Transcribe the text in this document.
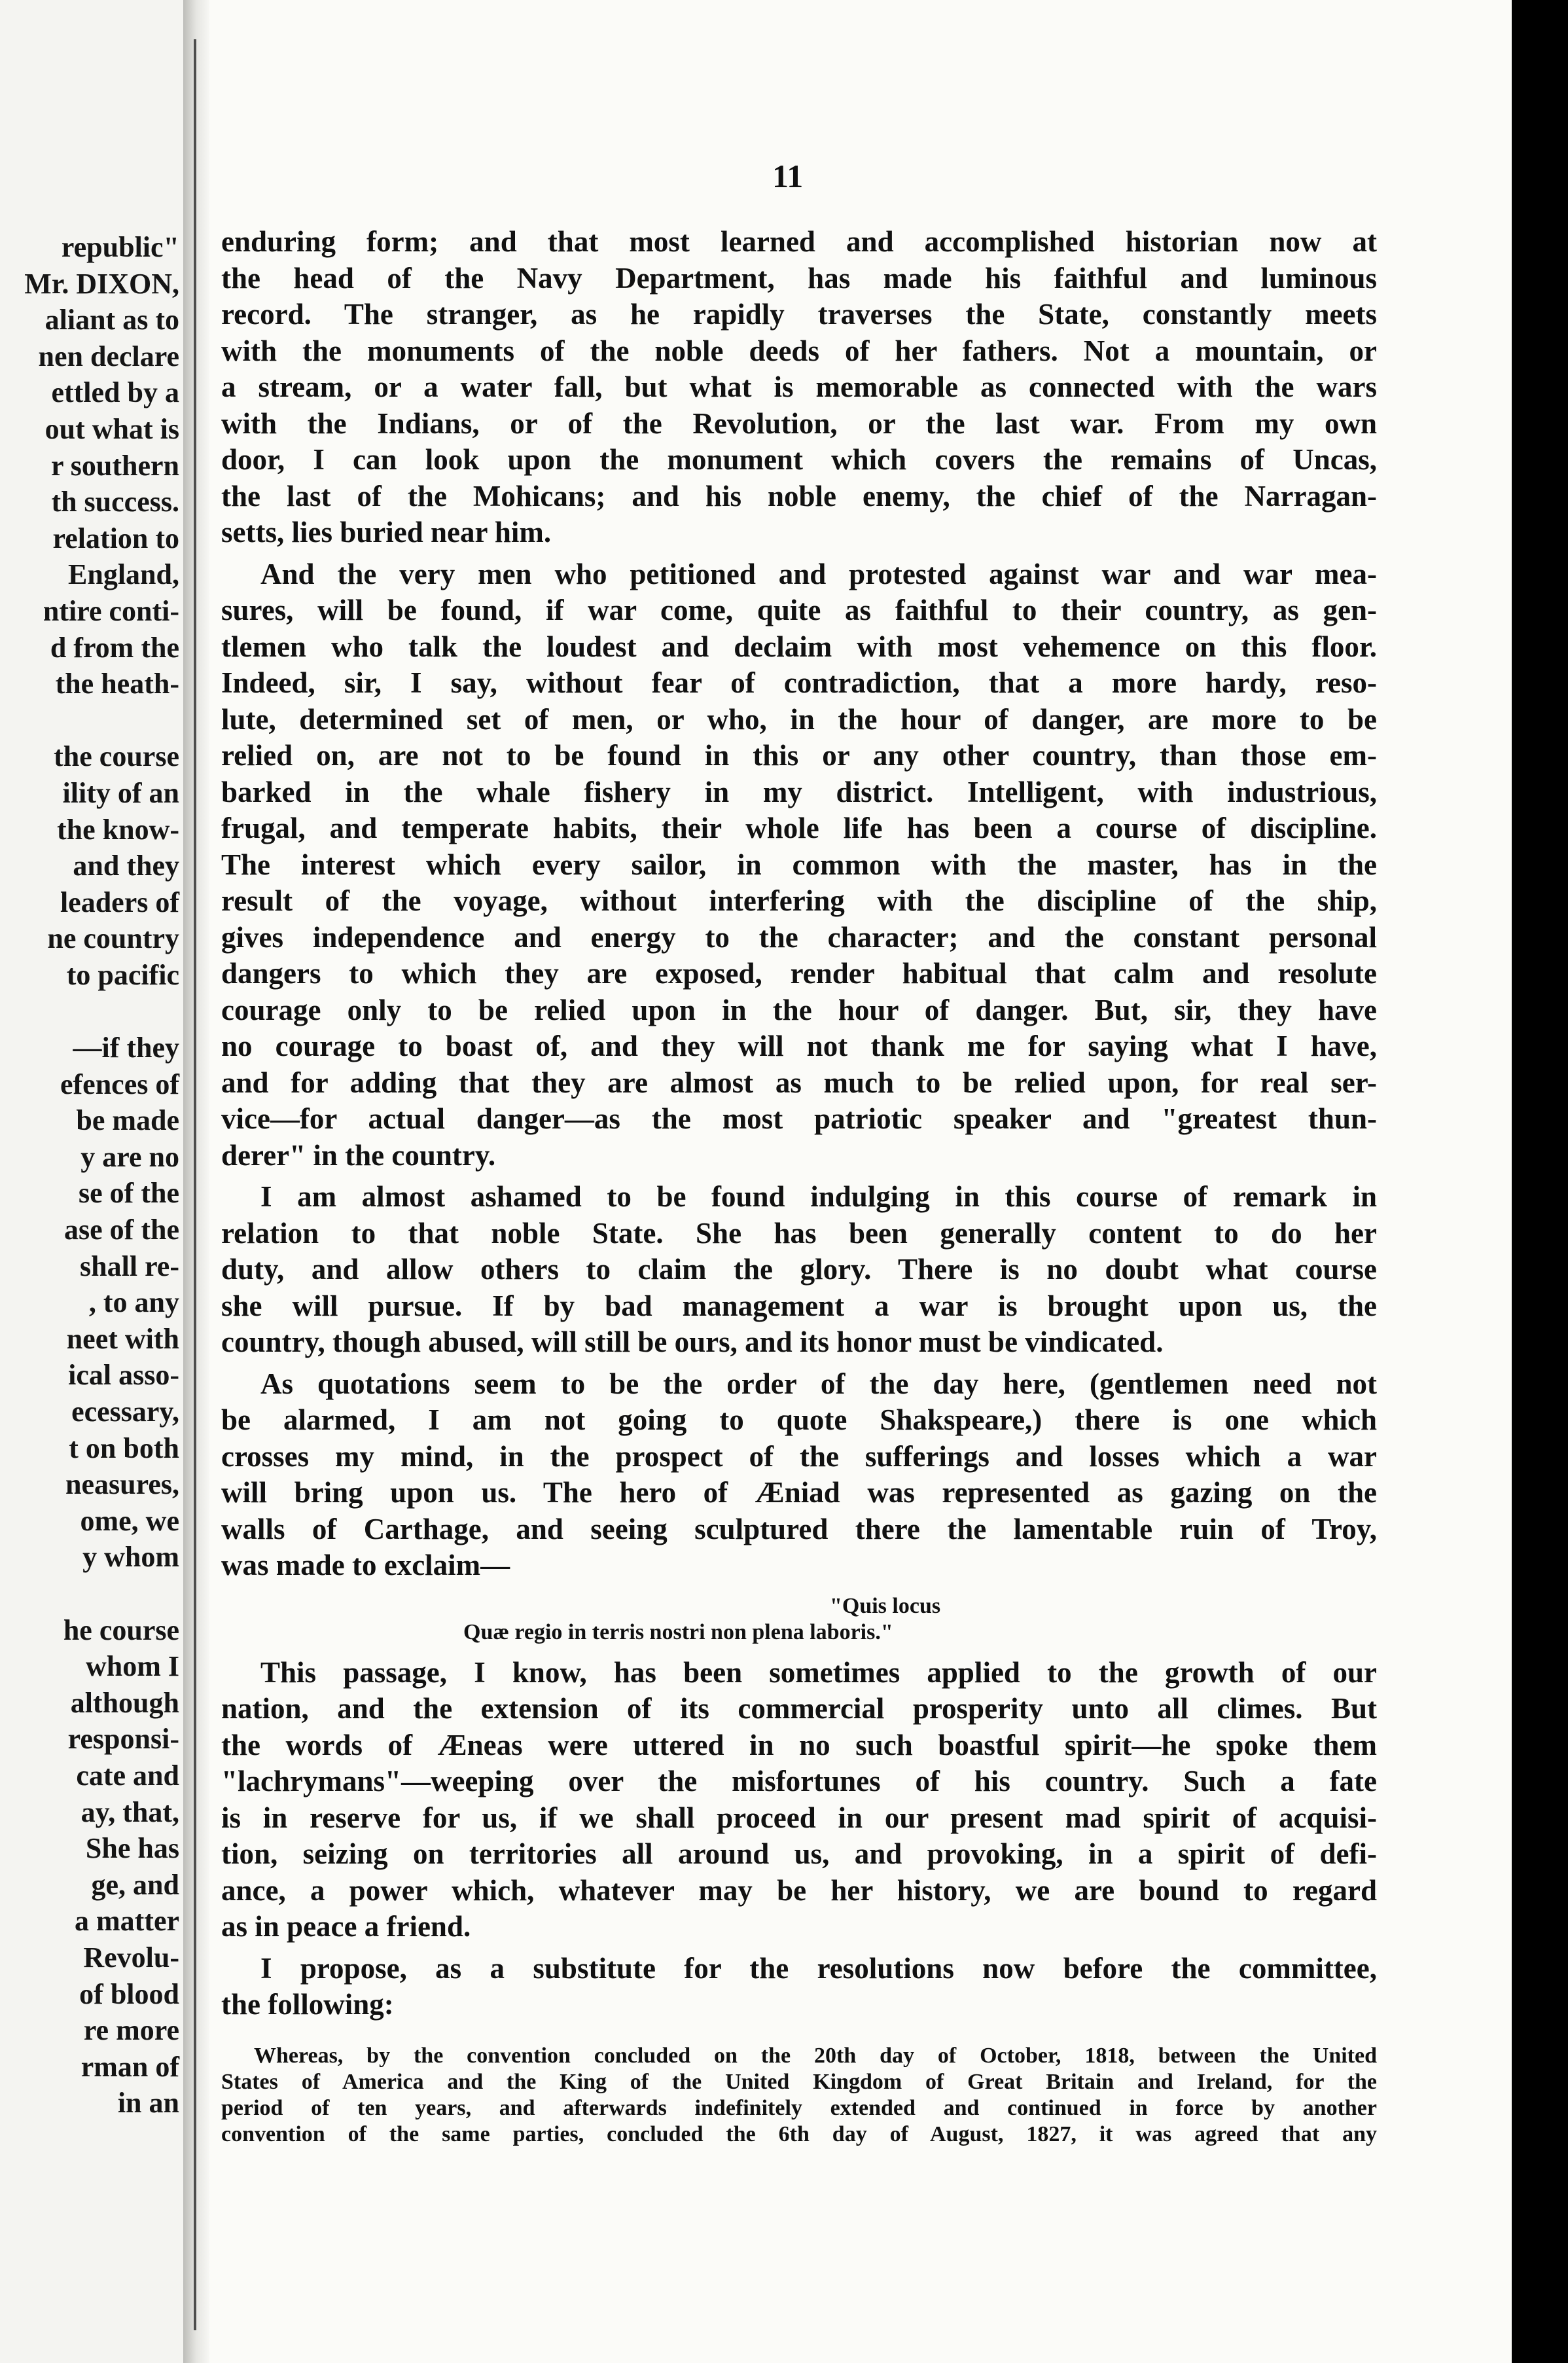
republic"
Mr. DIXON,
aliant as to
nen declare
ettled by a
out what is
r southern
th success.
relation to
England,
ntire conti-
d from the
the heath-
the course
ility of an
the know-
and they
leaders of
ne country
to pacific
—if they
efences of
be made
y are no
se of the
ase of the
shall re-
, to any
neet with
ical asso-
ecessary,
t on both
neasures,
ome, we
y whom
he course
whom I
although
responsi-
cate and
ay, that,
She has
ge, and
a matter
Revolu-
of blood
re more
rman of
in an
11

enduring form; and that most learned and accomplished historian now at

the head of the Navy Department, has made his faithful and luminous

record. The stranger, as he rapidly traverses the State, constantly meets

with the monuments of the noble deeds of her fathers. Not a mountain, or

a stream, or a water fall, but what is memorable as connected with the wars

with the Indians, or of the Revolution, or the last war. From my own

door, I can look upon the monument which covers the remains of Uncas,

the last of the Mohicans; and his noble enemy, the chief of the Narragan-

setts, lies buried near him.

And the very men who petitioned and protested against war and war mea-

sures, will be found, if war come, quite as faithful to their country, as gen-

tlemen who talk the loudest and declaim with most vehemence on this floor.

Indeed, sir, I say, without fear of contradiction, that a more hardy, reso-

lute, determined set of men, or who, in the hour of danger, are more to be

relied on, are not to be found in this or any other country, than those em-

barked in the whale fishery in my district. Intelligent, with industrious,

frugal, and temperate habits, their whole life has been a course of discipline.

The interest which every sailor, in common with the master, has in the

result of the voyage, without interfering with the discipline of the ship,

gives independence and energy to the character; and the constant personal

dangers to which they are exposed, render habitual that calm and resolute

courage only to be relied upon in the hour of danger. But, sir, they have

no courage to boast of, and they will not thank me for saying what I have,

and for adding that they are almost as much to be relied upon, for real ser-

vice—for actual danger—as the most patriotic speaker and "greatest thun-

derer" in the country.

I am almost ashamed to be found indulging in this course of remark in

relation to that noble State. She has been generally content to do her

duty, and allow others to claim the glory. There is no doubt what course

she will pursue. If by bad management a war is brought upon us, the

country, though abused, will still be ours, and its honor must be vindicated.

As quotations seem to be the order of the day here, (gentlemen need not

be alarmed, I am not going to quote Shakspeare,) there is one which

crosses my mind, in the prospect of the sufferings and losses which a war

will bring upon us. The hero of Æniad was represented as gazing on the

walls of Carthage, and seeing sculptured there the lamentable ruin of Troy,

was made to exclaim—

"Quis locus
Quæ regio in terris nostri non plena laboris."

This passage, I know, has been sometimes applied to the growth of our

nation, and the extension of its commercial prosperity unto all climes. But

the words of Æneas were uttered in no such boastful spirit—he spoke them

"lachrymans"—weeping over the misfortunes of his country. Such a fate

is in reserve for us, if we shall proceed in our present mad spirit of acquisi-

tion, seizing on territories all around us, and provoking, in a spirit of defi-

ance, a power which, whatever may be her history, we are bound to regard

as in peace a friend.

I propose, as a substitute for the resolutions now before the committee,

the following:

Whereas, by the convention concluded on the 20th day of October, 1818, between the United

States of America and the King of the United Kingdom of Great Britain and Ireland, for the

period of ten years, and afterwards indefinitely extended and continued in force by another

convention of the same parties, concluded the 6th day of August, 1827, it was agreed that any
